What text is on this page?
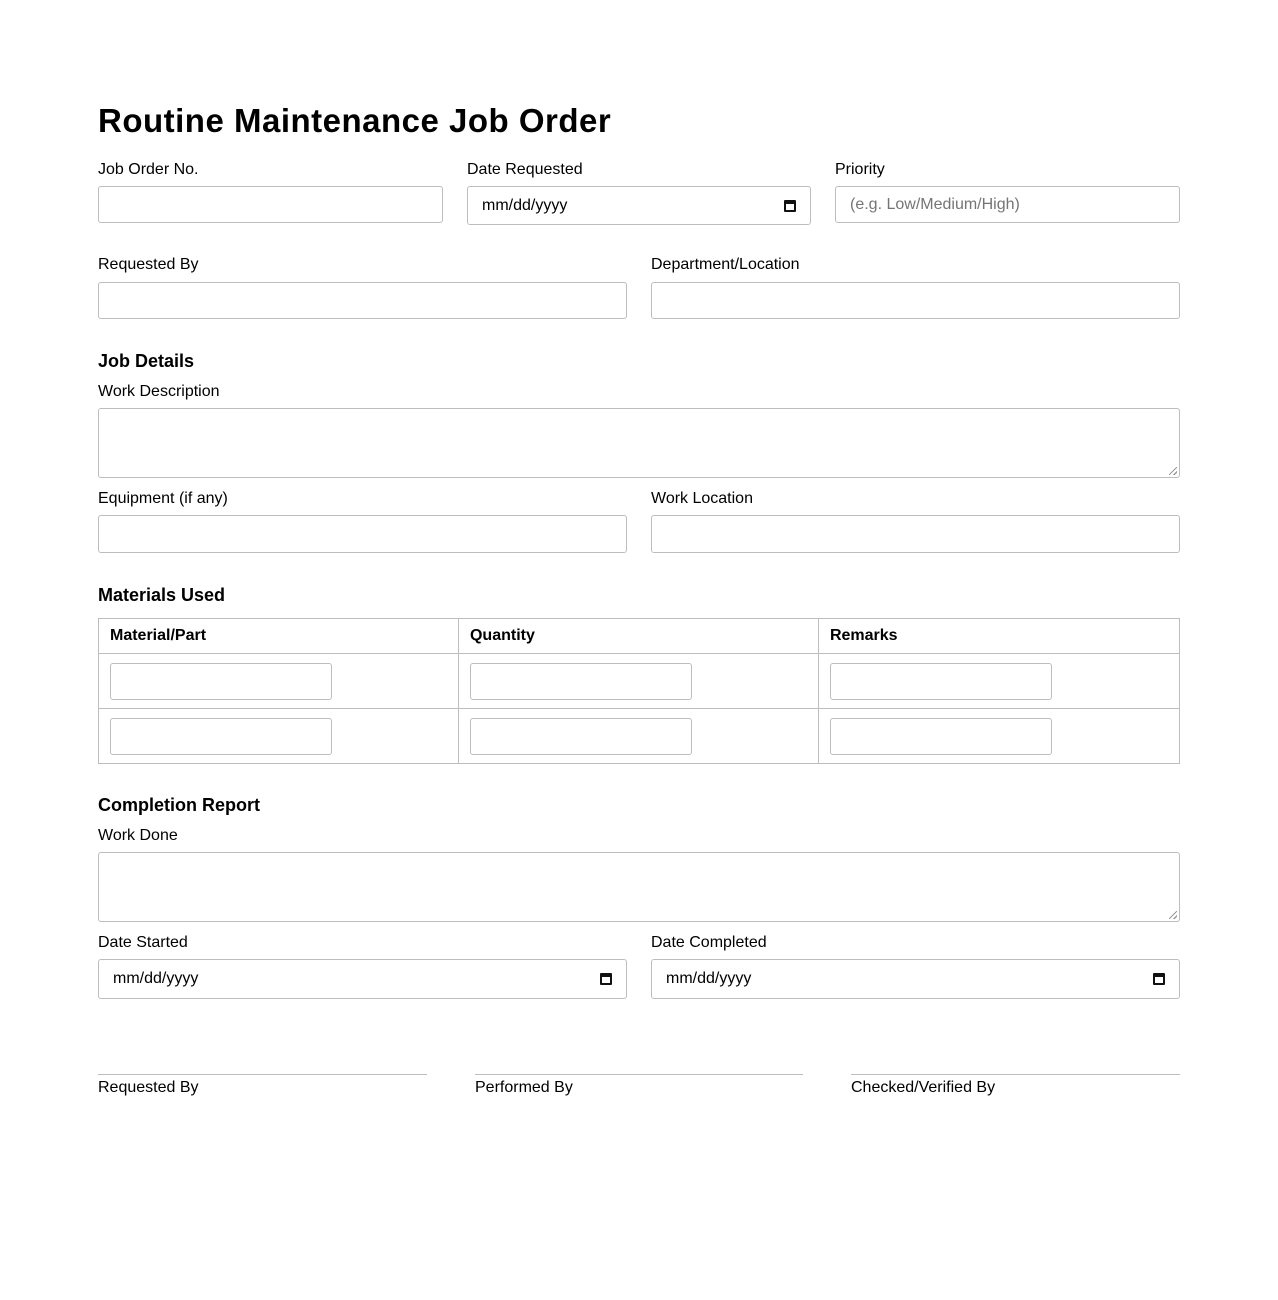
Routine Maintenance Job Order
Job Order No.	Date Requested
mm/dd/yyyy
Priority
(e.g. Low/Medium/High)
Requested By	Department/Location
Job Details
Work Description
Equipment (if any)	Work Location
Materials Used
Material/Part	Quantity	Remarks

Completion Report
Work Done
Date Started
mm/dd/yyyy
Date Completed
mm/dd/yyyy
Requested By	Performed By	Checked/Verified By
